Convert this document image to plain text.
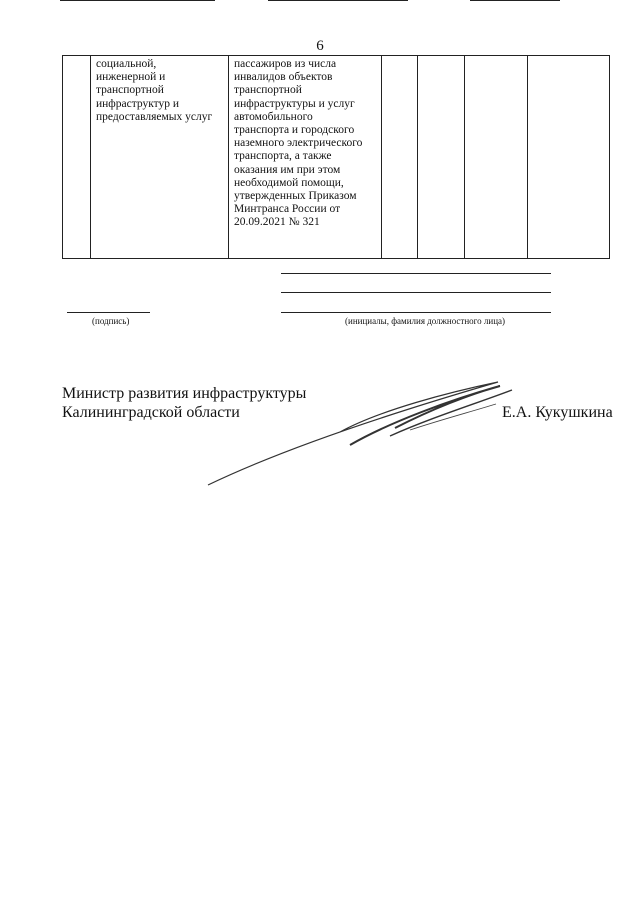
6
	социальной,
инженерной и
транспортной
инфраструктур и
предоставляемых услуг	пассажиров из числа
инвалидов объектов
транспортной
инфраструктуры и услуг
автомобильного
транспорта и городского
наземного электрического
транспорта, а также
оказания им при этом
необходимой помощи,
утвержденных Приказом
Минтранса России от
20.09.2021 № 321				
(подпись)	(инициалы, фамилия должностного лица)
Министр развития инфраструктуры
Калининградской области	Е.А. Кукушкина
